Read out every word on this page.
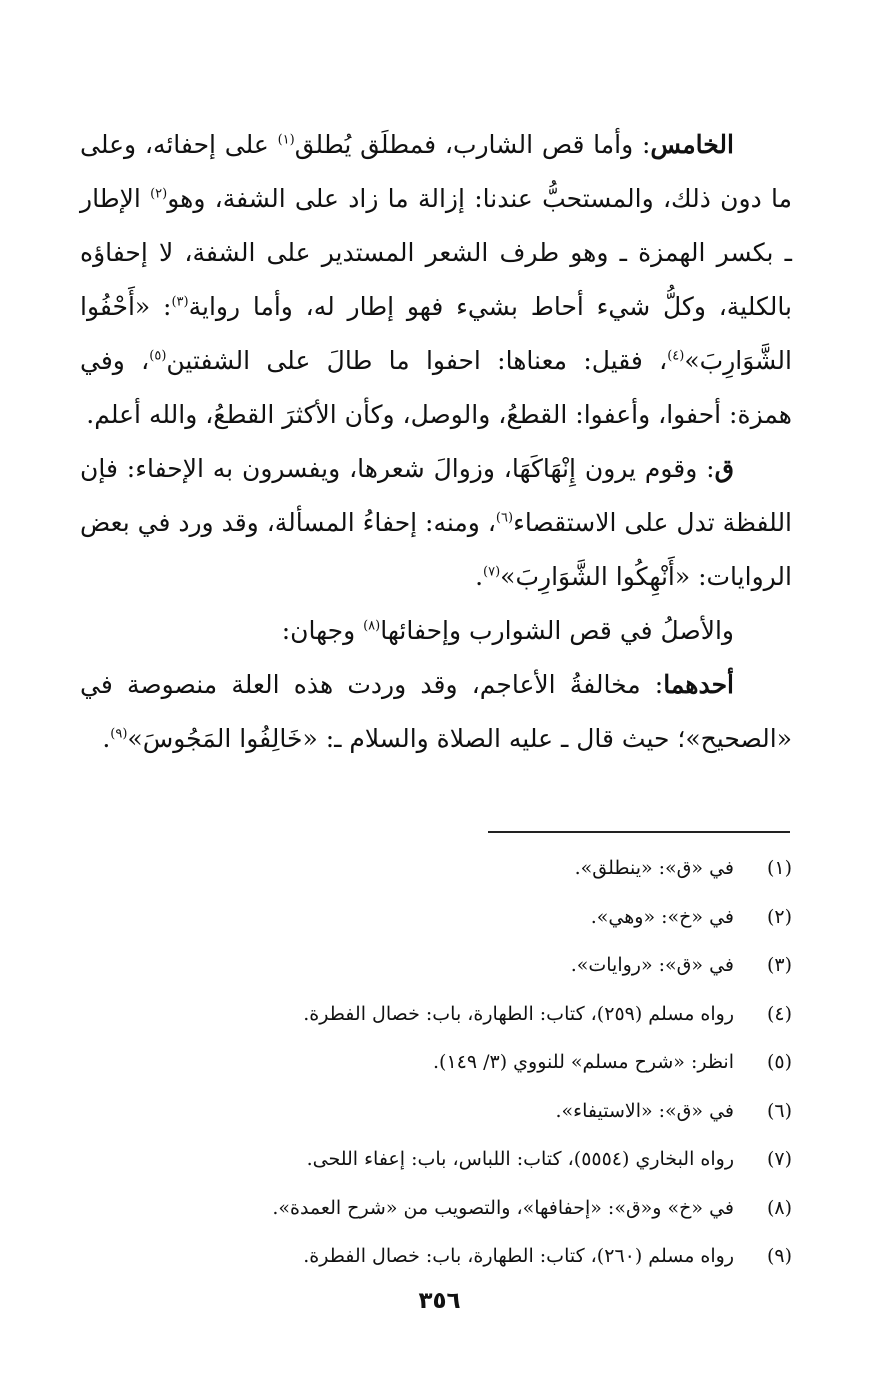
الخامس: وأما قص الشارب، فمطلَق يُطلق$^{(١)}$ على إحفائه، وعلى ما دون ذلك، والمستحبُّ عندنا: إزالة ما زاد على الشفة، وهو$^{(٢)}$ الإطار ـ بكسر الهمزة ـ وهو طرف الشعر المستدير على الشفة، لا إحفاؤه بالكلية، وكلُّ شيء أحاط بشيء فهو إطار له، وأما رواية$^{(٣)}$: «أَحْفُوا الشَّوَارِبَ»$^{(٤)}$، فقيل: معناها: احفوا ما طالَ على الشفتين$^{(٥)}$، وفي همزة: أحفوا، وأعفوا: القطعُ، والوصل، وكأن الأكثرَ القطعُ، والله أعلم.

ق: وقوم يرون إِنْهَاكَهَا، وزوالَ شعرها، ويفسرون به الإحفاء: فإن اللفظة تدل على الاستقصاء$^{(٦)}$، ومنه: إحفاءُ المسألة، وقد ورد في بعض الروايات: «أَنْهِكُوا الشَّوَارِبَ»$^{(٧)}$.

والأصلُ في قص الشوارب وإحفائها$^{(٨)}$ وجهان:

أحدهما: مخالفةُ الأعاجم، وقد وردت هذه العلة منصوصة في «الصحيح»؛ حيث قال ـ عليه الصلاة والسلام ـ: «خَالِفُوا المَجُوسَ»$^{(٩)}$.

(١)
في «ق»: «ينطلق».
(٢)
في «خ»: «وهي».
(٣)
في «ق»: «روايات».
(٤)
رواه مسلم (٢٥٩)، كتاب: الطهارة، باب: خصال الفطرة.
(٥)
انظر: «شرح مسلم» للنووي (٣/ ١٤٩).
(٦)
في «ق»: «الاستيفاء».
(٧)
رواه البخاري (٥٥٥٤)، كتاب: اللباس، باب: إعفاء اللحى.
(٨)
في «خ» و«ق»: «إحفافها»، والتصويب من «شرح العمدة».
(٩)
رواه مسلم (٢٦٠)، كتاب: الطهارة، باب: خصال الفطرة.
٣٥٦
